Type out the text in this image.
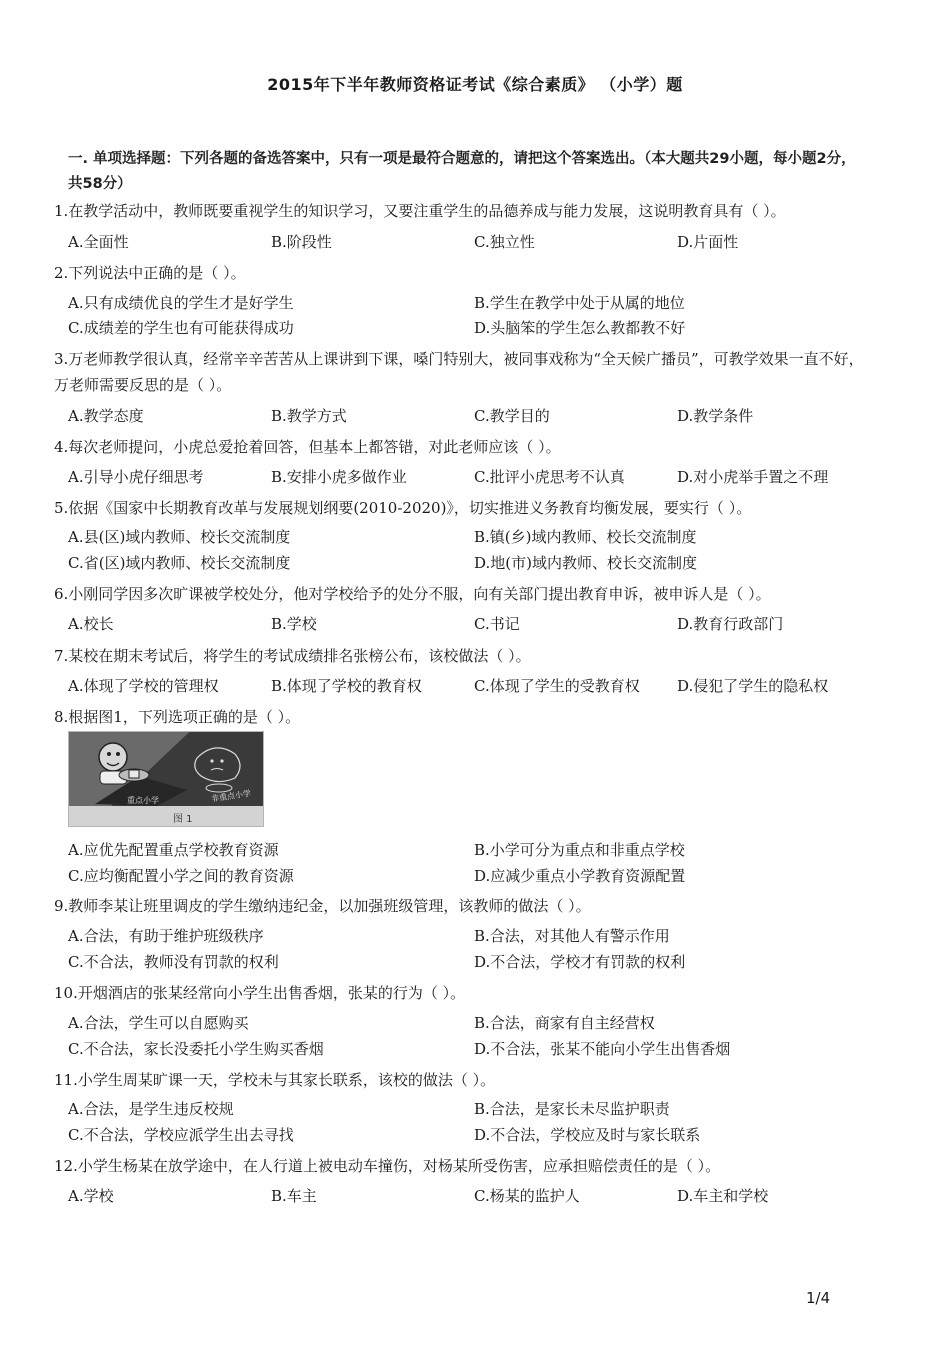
2015年下半年教师资格证考试《综合素质》 （小学）题
一. 单项选择题：下列各题的备选答案中，只有一项是最符合题意的，请把这个答案选出。（本大题共29小题，每小题2分，共58分）
1.在教学活动中，教师既要重视学生的知识学习，又要注重学生的品德养成与能力发展，这说明教育具有（ ）。
A.全面性	B.阶段性	C.独立性	D.片面性
2.下列说法中正确的是（ ）。
A.只有成绩优良的学生才是好学生	B.学生在教学中处于从属的地位
C.成绩差的学生也有可能获得成功	D.头脑笨的学生怎么教都教不好
3.万老师教学很认真，经常辛辛苦苦从上课讲到下课，嗓门特别大，被同事戏称为“全天候广播员”，可教学效果一直不好，万老师需要反思的是（ ）。
A.教学态度	B.教学方式	C.教学目的	D.教学条件
4.每次老师提问，小虎总爱抢着回答，但基本上都答错，对此老师应该（ ）。
A.引导小虎仔细思考	B.安排小虎多做作业	C.批评小虎思考不认真	D.对小虎举手置之不理
5.依据《国家中长期教育改革与发展规划纲要(2010-2020)》，切实推进义务教育均衡发展，要实行（ ）。
A.县(区)域内教师、校长交流制度	B.镇(乡)域内教师、校长交流制度
C.省(区)域内教师、校长交流制度	D.地(市)域内教师、校长交流制度
6.小刚同学因多次旷课被学校处分，他对学校给予的处分不服，向有关部门提出教育申诉，被申诉人是（ ）。
A.校长	B.学校	C.书记	D.教育行政部门
7.某校在期末考试后，将学生的考试成绩排名张榜公布，该校做法（ ）。
A.体现了学校的管理权	B.体现了学校的教育权	C.体现了学生的受教育权 D.侵犯了学生的隐私权
8.根据图1，下列选项正确的是（ ）。
重点小学	非重点小学
图 1
A.应优先配置重点学校教育资源	B.小学可分为重点和非重点学校
C.应均衡配置小学之间的教育资源	D.应减少重点小学教育资源配置
9.教师李某让班里调皮的学生缴纳违纪金，以加强班级管理，该教师的做法（ ）。
A.合法，有助于维护班级秩序	B.合法，对其他人有警示作用
C.不合法，教师没有罚款的权利	D.不合法，学校才有罚款的权利
10.开烟酒店的张某经常向小学生出售香烟，张某的行为（ ）。
A.合法，学生可以自愿购买	B.合法，商家有自主经营权
C.不合法，家长没委托小学生购买香烟	D.不合法，张某不能向小学生出售香烟
11.小学生周某旷课一天，学校未与其家长联系，该校的做法（ ）。
A.合法，是学生违反校规	B.合法，是家长未尽监护职责
C.不合法，学校应派学生出去寻找	D.不合法，学校应及时与家长联系
12.小学生杨某在放学途中，在人行道上被电动车撞伤，对杨某所受伤害，应承担赔偿责任的是（ ）。
A.学校	B.车主	C.杨某的监护人	D.车主和学校
1/4
